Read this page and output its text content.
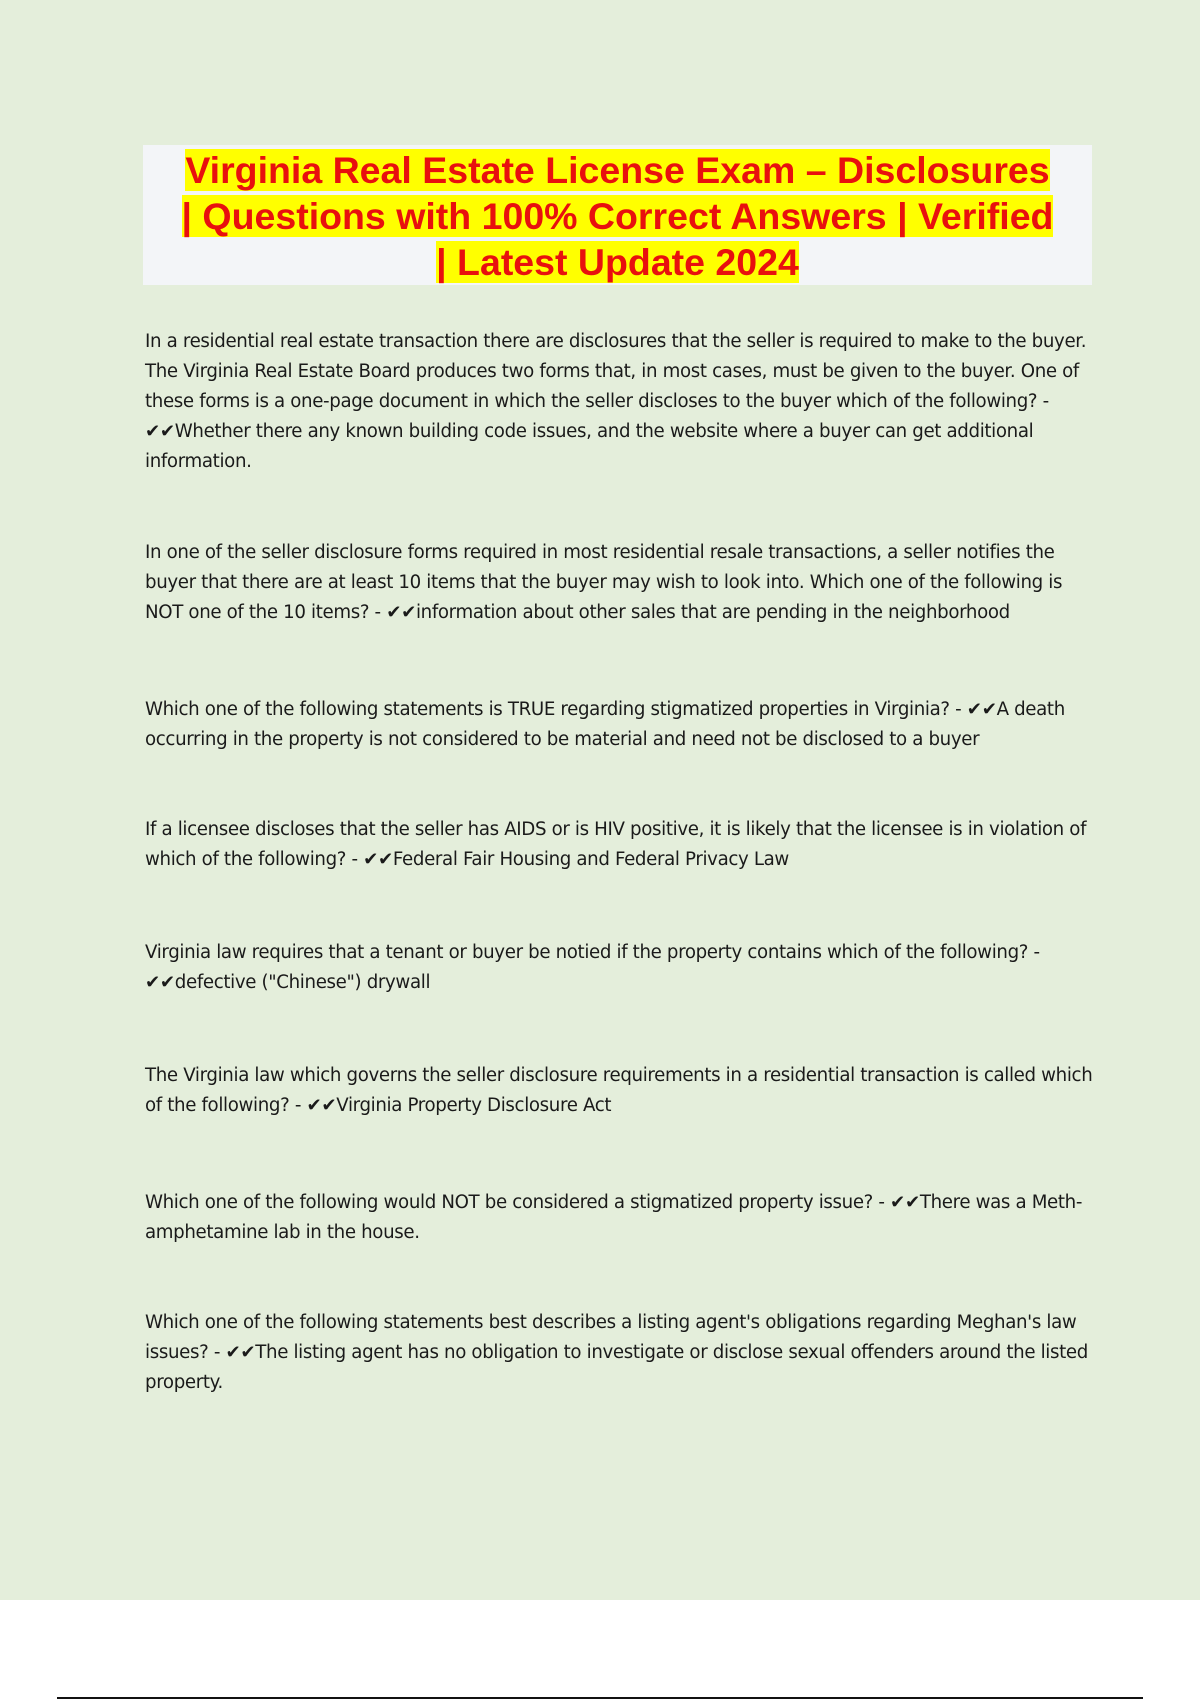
Virginia Real Estate License Exam – Disclosures
| Questions with 100% Correct Answers | Verified
| Latest Update 2024

In a residential real estate transaction there are disclosures that the seller is required to make to the buyer. The Virginia Real Estate Board produces two forms that, in most cases, must be given to the buyer. One of these forms is a one-page document in which the seller discloses to the buyer which of the following? - ✔✔Whether there any known building code issues, and the website where a buyer can get additional information.

In one of the seller disclosure forms required in most residential resale transactions, a seller notifies the buyer that there are at least 10 items that the buyer may wish to look into. Which one of the following is NOT one of the 10 items? - ✔✔information about other sales that are pending in the neighborhood

Which one of the following statements is TRUE regarding stigmatized properties in Virginia? - ✔✔A death occurring in the property is not considered to be material and need not be disclosed to a buyer

If a licensee discloses that the seller has AIDS or is HIV positive, it is likely that the licensee is in violation of which of the following? - ✔✔Federal Fair Housing and Federal Privacy Law

Virginia law requires that a tenant or buyer be notied if the property contains which of the following? - ✔✔defective ("Chinese") drywall

The Virginia law which governs the seller disclosure requirements in a residential transaction is called which of the following? - ✔✔Virginia Property Disclosure Act

Which one of the following would NOT be considered a stigmatized property issue? - ✔✔There was a Meth-amphetamine lab in the house.

Which one of the following statements best describes a listing agent's obligations regarding Meghan's law issues? - ✔✔The listing agent has no obligation to investigate or disclose sexual offenders around the listed property.
